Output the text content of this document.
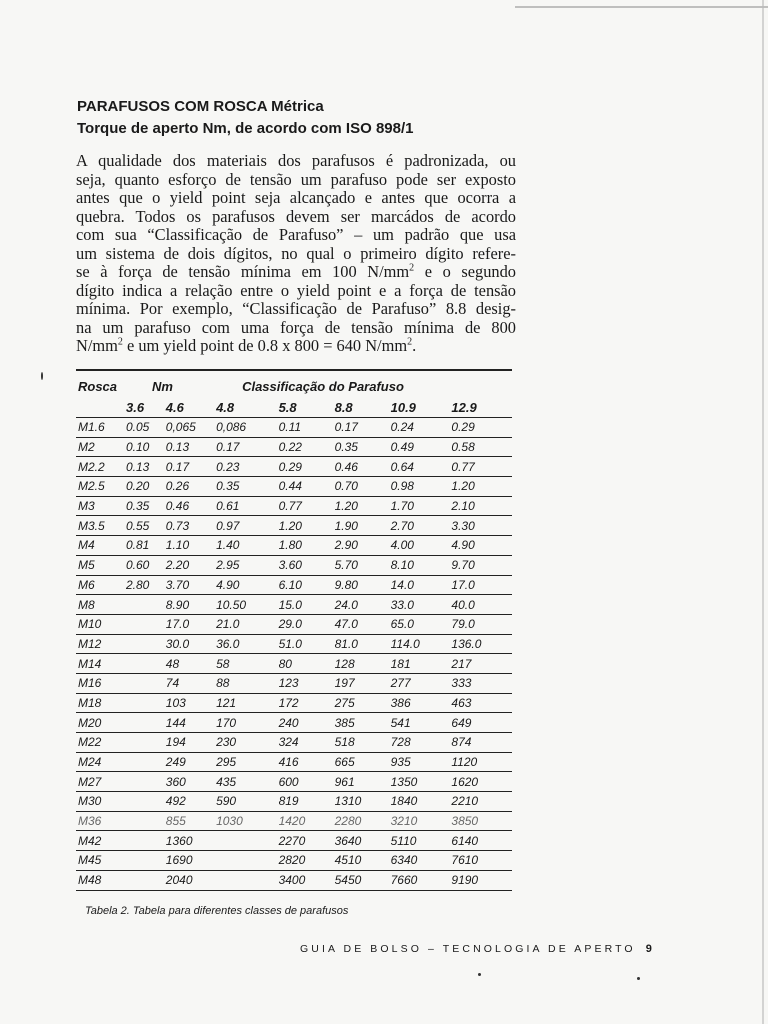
PARAFUSOS COM ROSCA Métrica
Torque de aperto Nm, de acordo com ISO 898/1
A qualidade dos materiais dos parafusos é padronizada, ou
seja, quanto esforço de tensão um parafuso pode ser exposto
antes que o yield point seja alcançado e antes que ocorra a
quebra. Todos os parafusos devem ser marcádos de acordo
com sua “Classificação de Parafuso” – um padrão que usa
um sistema de dois dígitos, no qual o primeiro dígito refere-
se à força de tensão mínima em 100 $N/mm^2$ e o segundo
dígito indica a relação entre o yield point e a força de tensão
mínima. Por exemplo, “Classificação de Parafuso” 8.8 desig-
na um parafuso com uma força de tensão mínima de 800
$N/mm^2$ e um yield point de 0.8 x 800 = 640 $N/mm^2$.

Rosca	Nm		Classificação do Parafuso				
	3.6	4.6	4.8	5.8	8.8	10.9	12.9
M1.6	0.05	0,065	0,086	0.11	0.17	0.24	0.29
M2	0.10	0.13	0.17	0.22	0.35	0.49	0.58
M2.2	0.13	0.17	0.23	0.29	0.46	0.64	0.77
M2.5	0.20	0.26	0.35	0.44	0.70	0.98	1.20
M3	0.35	0.46	0.61	0.77	1.20	1.70	2.10
M3.5	0.55	0.73	0.97	1.20	1.90	2.70	3.30
M4	0.81	1.10	1.40	1.80	2.90	4.00	4.90
M5	0.60	2.20	2.95	3.60	5.70	8.10	9.70
M6	2.80	3.70	4.90	6.10	9.80	14.0	17.0
M8		8.90	10.50	15.0	24.0	33.0	40.0
M10		17.0	21.0	29.0	47.0	65.0	79.0
M12		30.0	36.0	51.0	81.0	114.0	136.0
M14		48	58	80	128	181	217
M16		74	88	123	197	277	333
M18		103	121	172	275	386	463
M20		144	170	240	385	541	649
M22		194	230	324	518	728	874
M24		249	295	416	665	935	1120
M27		360	435	600	961	1350	1620
M30		492	590	819	1310	1840	2210
M36		855	1030	1420	2280	3210	3850
M42		1360		2270	3640	5110	6140
M45		1690		2820	4510	6340	7610
M48		2040		3400	5450	7660	9190
Tabela 2. Tabela para diferentes classes de parafusos
GUIA DE BOLSO – TECNOLOGIA DE APERTO 9
